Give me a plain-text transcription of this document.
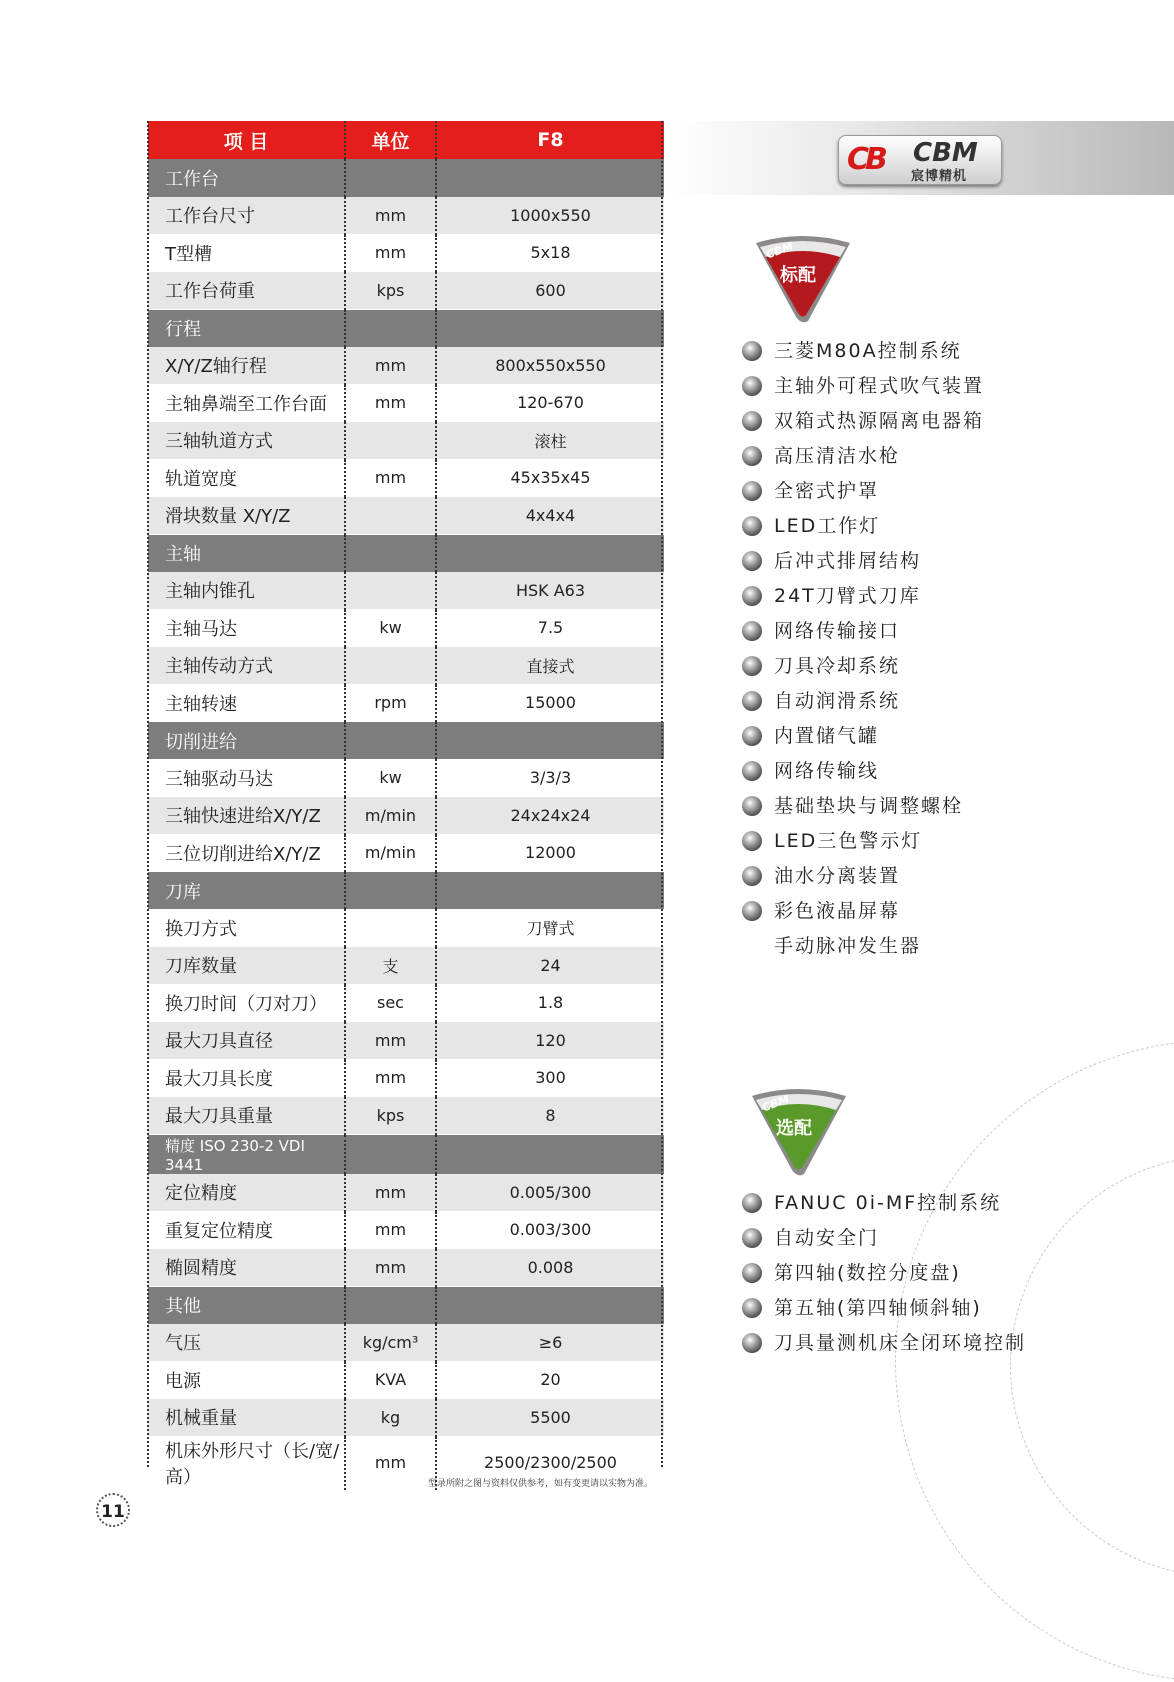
项 目	单位	F8
工作台		
工作台尺寸	mm	1000x550
T型槽	mm	5x18
工作台荷重	kps	600
行程		
X/Y/Z轴行程	mm	800x550x550
主轴鼻端至工作台面	mm	120-670
三轴轨道方式		滚柱
轨道宽度	mm	45x35x45
滑块数量 X/Y/Z		4x4x4
主轴		
主轴内锥孔		HSK A63
主轴马达	kw	7.5
主轴传动方式		直接式
主轴转速	rpm	15000
切削进给		
三轴驱动马达	kw	3/3/3
三轴快速进给X/Y/Z	m/min	24x24x24
三位切削进给X/Y/Z	m/min	12000
刀库		
换刀方式		刀臂式
刀库数量	支	24
换刀时间（刀对刀）	sec	1.8
最大刀具直径	mm	120
最大刀具长度	mm	300
最大刀具重量	kps	8
精度 ISO 230-2 VDI 3441		
定位精度	mm	0.005/300
重复定位精度	mm	0.003/300
椭圆精度	mm	0.008
其他		
气压	kg/cm³	≥6
电源	KVA	20
机械重量	kg	5500
机床外形尺寸（长/宽/高）	mm	2500/2300/2500
型录所附之图与资料仅供参考，如有变更请以实物为准。
11
CB CBM
宸博精机
CBM
标配
三菱M80A控制系统
主轴外可程式吹气装置
双箱式热源隔离电器箱
高压清洁水枪
全密式护罩
LED工作灯
后冲式排屑结构
24T刀臂式刀库
网络传输接口
刀具冷却系统
自动润滑系统
内置储气罐
网络传输线
基础垫块与调整螺栓
LED三色警示灯
油水分离装置
彩色液晶屏幕
手动脉冲发生器
CBM
选配
FANUC 0i-MF控制系统
自动安全门
第四轴(数控分度盘)
第五轴(第四轴倾斜轴)
刀具量测机床全闭环境控制
